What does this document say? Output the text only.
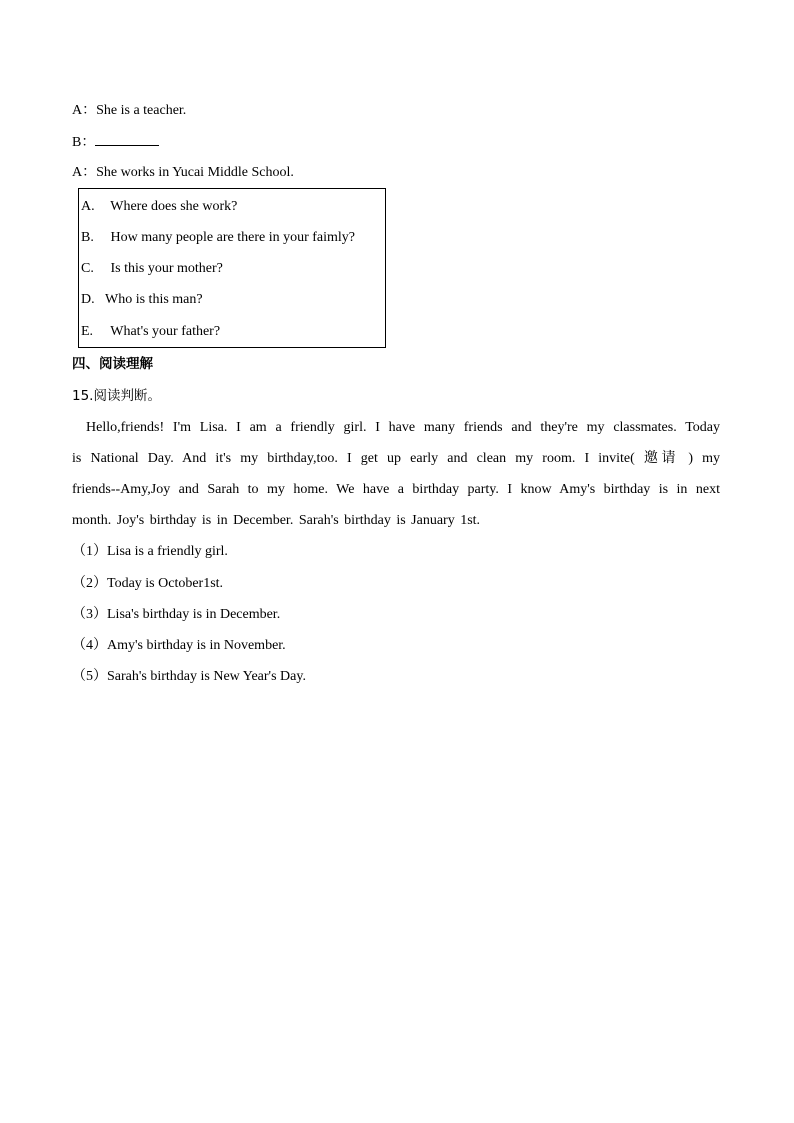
A：She is a teacher.
B：
A：She works in Yucai Middle School.
A. Where does she work?
B. How many people are there in your faimly?
C. Is this your mother?
D. Who is this man?
E. What's your father?
四、阅读理解
15.阅读判断。
Hello,friends! I'm Lisa. I am a friendly girl. I have many friends and they're my classmates. Today
is National Day. And it's my birthday,too. I get up early and clean my room. I invite( 邀请 ) my
friends--Amy,Joy and Sarah to my home. We have a birthday party. I know Amy's birthday is in next
month. Joy's birthday is in December. Sarah's birthday is January 1st.
（1）Lisa is a friendly girl.
（2）Today is October1st.
（3）Lisa's birthday is in December.
（4）Amy's birthday is in November.
（5）Sarah's birthday is New Year's Day.
